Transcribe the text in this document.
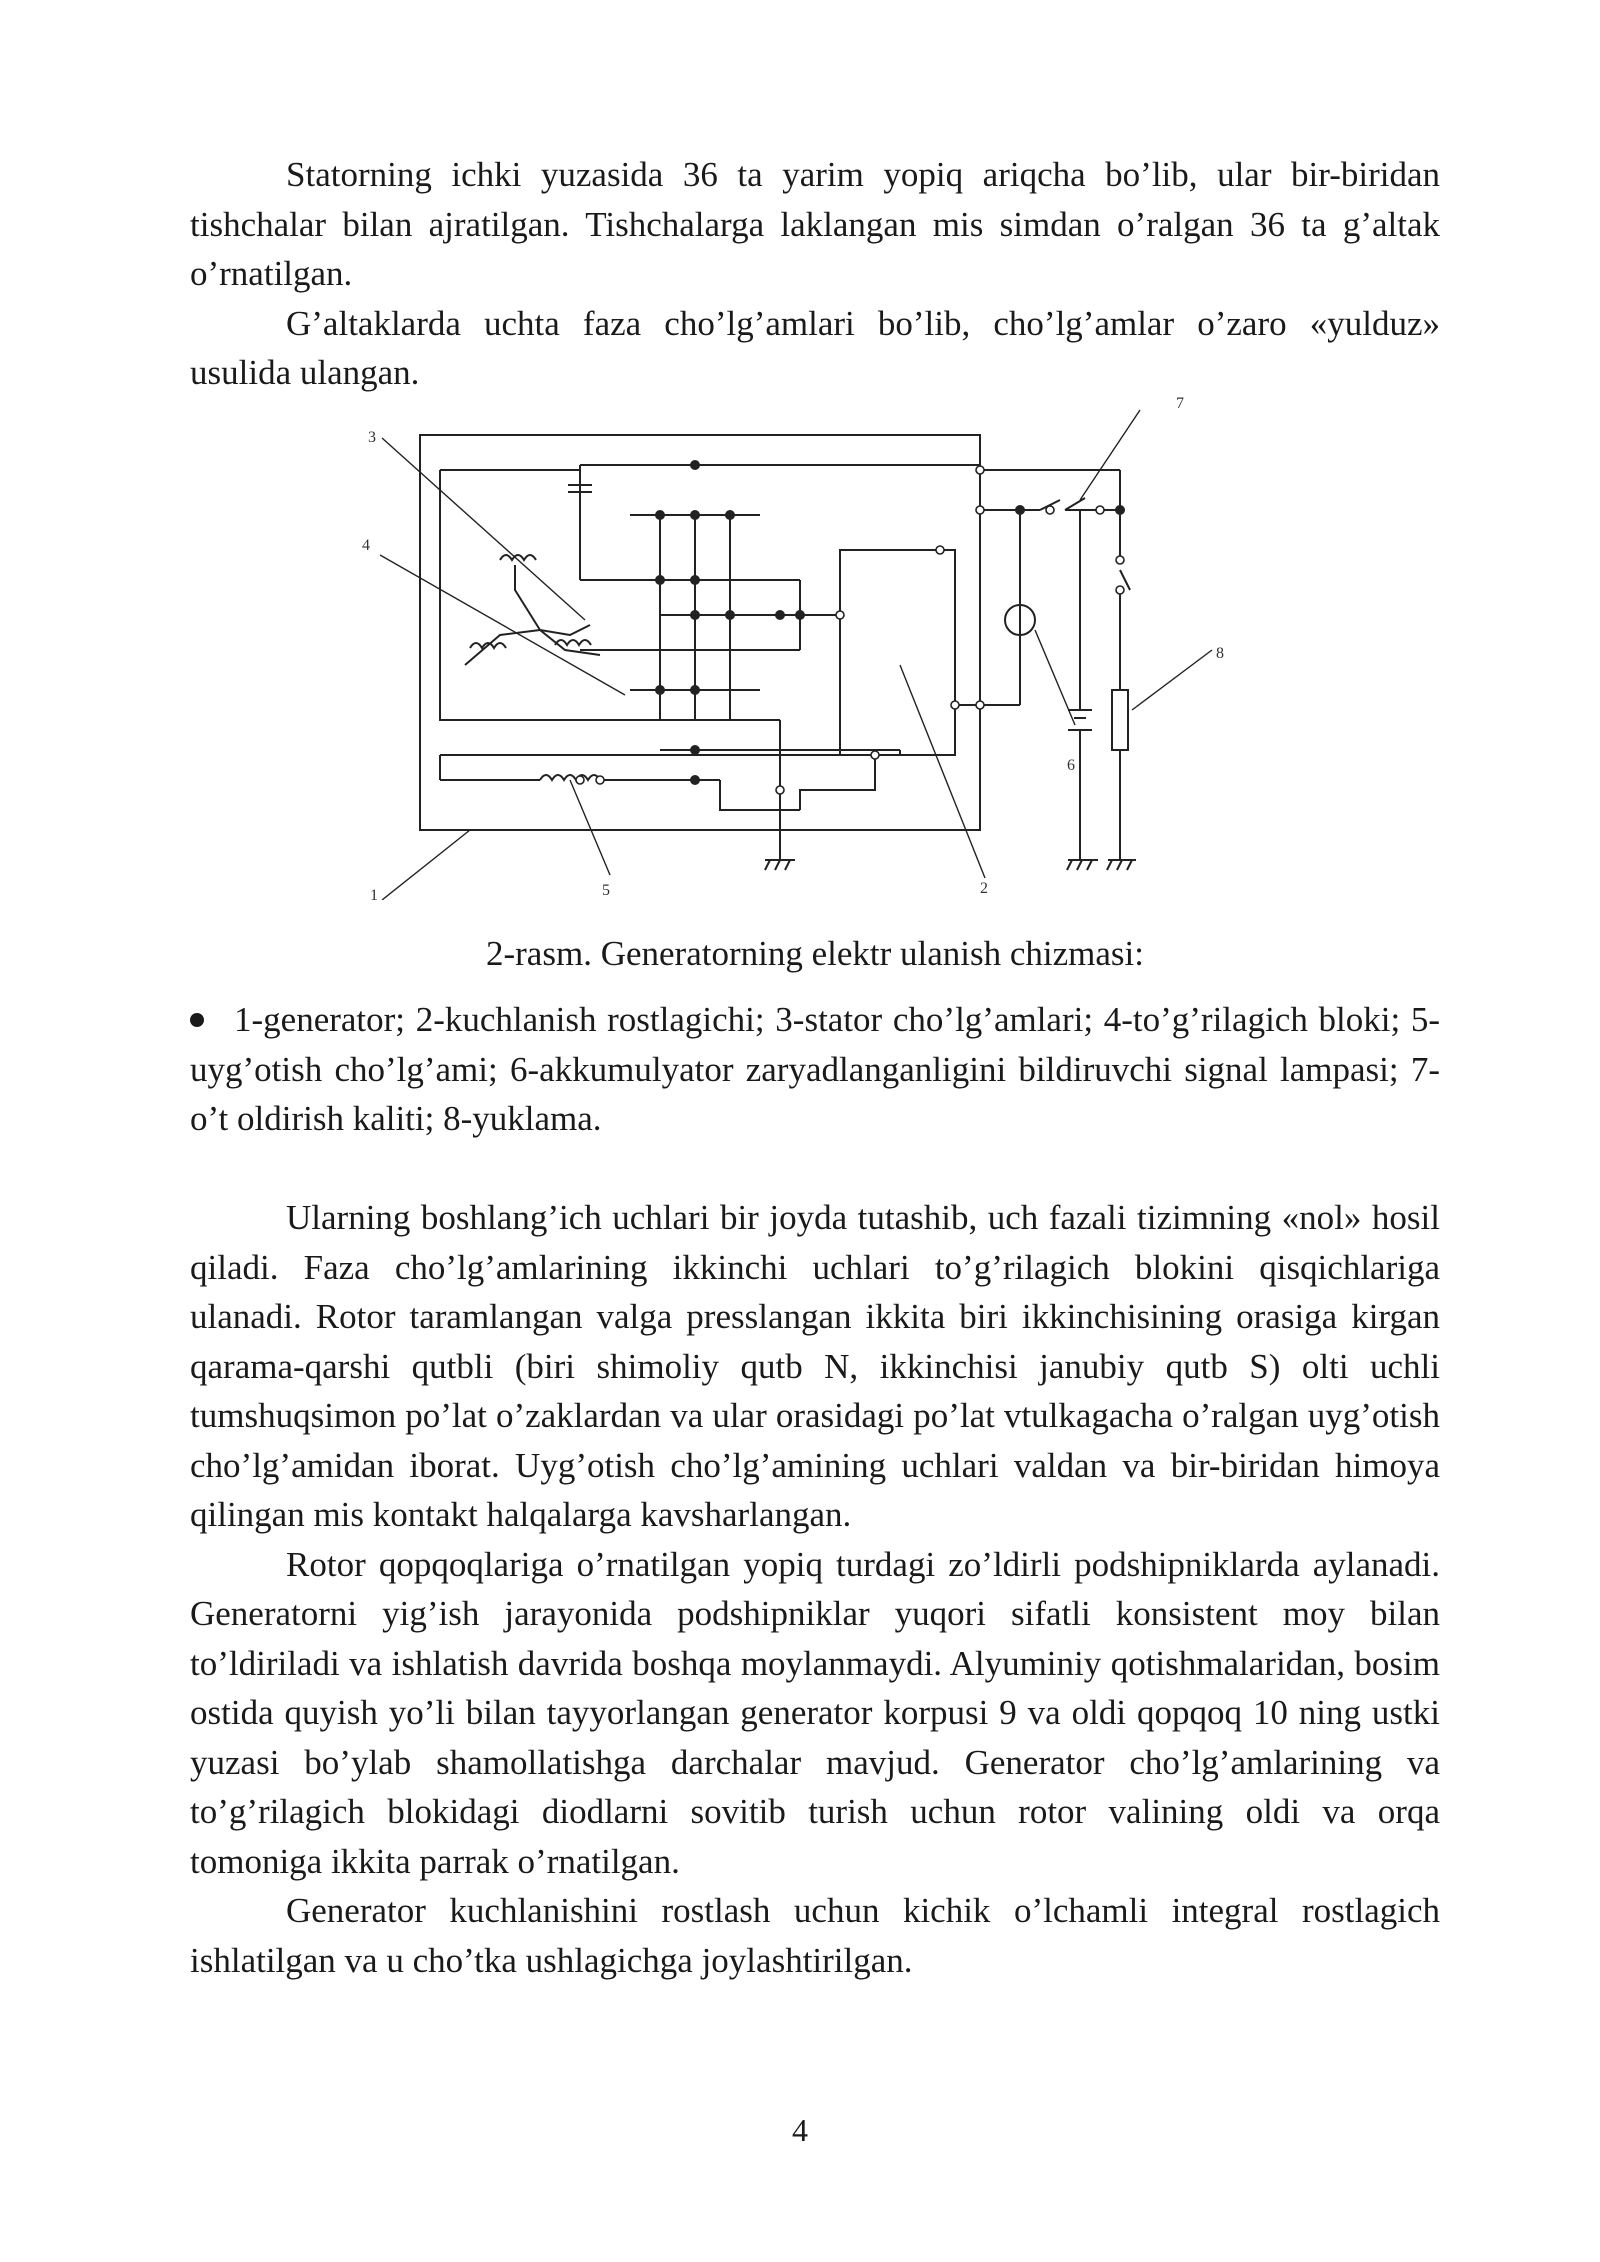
Statorning ichki yuzasida 36 ta yarim yopiq ariqcha bo’lib, ular bir-biridan tishchalar bilan ajratilgan. Tishchalarga laklangan mis simdan o’ralgan 36 ta g’altak o’rnatilgan.

G’altaklarda uchta faza cho’lg’amlari bo’lib, cho’lg’amlar o’zaro «yulduz» usulida ulangan.

3
4
1	5	2
6
7
8

2-rasm. Generatorning elektr ulanish chizmasi:

1-generator; 2-kuchlanish rostlagichi; 3-stator cho’lg’amlari; 4-to’g’rilagich bloki; 5-uyg’otish cho’lg’ami; 6-akkumulyator zaryadlanganligini bildiruvchi signal lampasi; 7-o’t oldirish kaliti; 8-yuklama.

Ularning boshlang’ich uchlari bir joyda tutashib, uch fazali tizimning «nol» hosil qiladi. Faza cho’lg’amlarining ikkinchi uchlari to’g’rilagich blokini qisqichlariga ulanadi. Rotor taramlangan valga presslangan ikkita biri ikkinchisining orasiga kirgan qarama-qarshi qutbli (biri shimoliy qutb N, ikkinchisi janubiy qutb S) olti uchli tumshuqsimon po’lat o’zaklardan va ular orasidagi po’lat vtulkagacha o’ralgan uyg’otish cho’lg’amidan iborat. Uyg’otish cho’lg’amining uchlari valdan va bir-biridan himoya qilingan mis kontakt halqalarga kavsharlangan.

Rotor qopqoqlariga o’rnatilgan yopiq turdagi zo’ldirli podshipniklarda aylanadi. Generatorni yig’ish jarayonida podshipniklar yuqori sifatli konsistent moy bilan to’ldiriladi va ishlatish davrida boshqa moylanmaydi. Alyuminiy qotishmalaridan, bosim ostida quyish yo’li bilan tayyorlangan generator korpusi 9 va oldi qopqoq 10 ning ustki yuzasi bo’ylab shamollatishga darchalar mavjud. Generator cho’lg’amlarining va to’g’rilagich blokidagi diodlarni sovitib turish uchun rotor valining oldi va orqa tomoniga ikkita parrak o’rnatilgan.

Generator kuchlanishini rostlash uchun kichik o’lchamli integral rostlagich ishlatilgan va u cho’tka ushlagichga joylashtirilgan.

4
